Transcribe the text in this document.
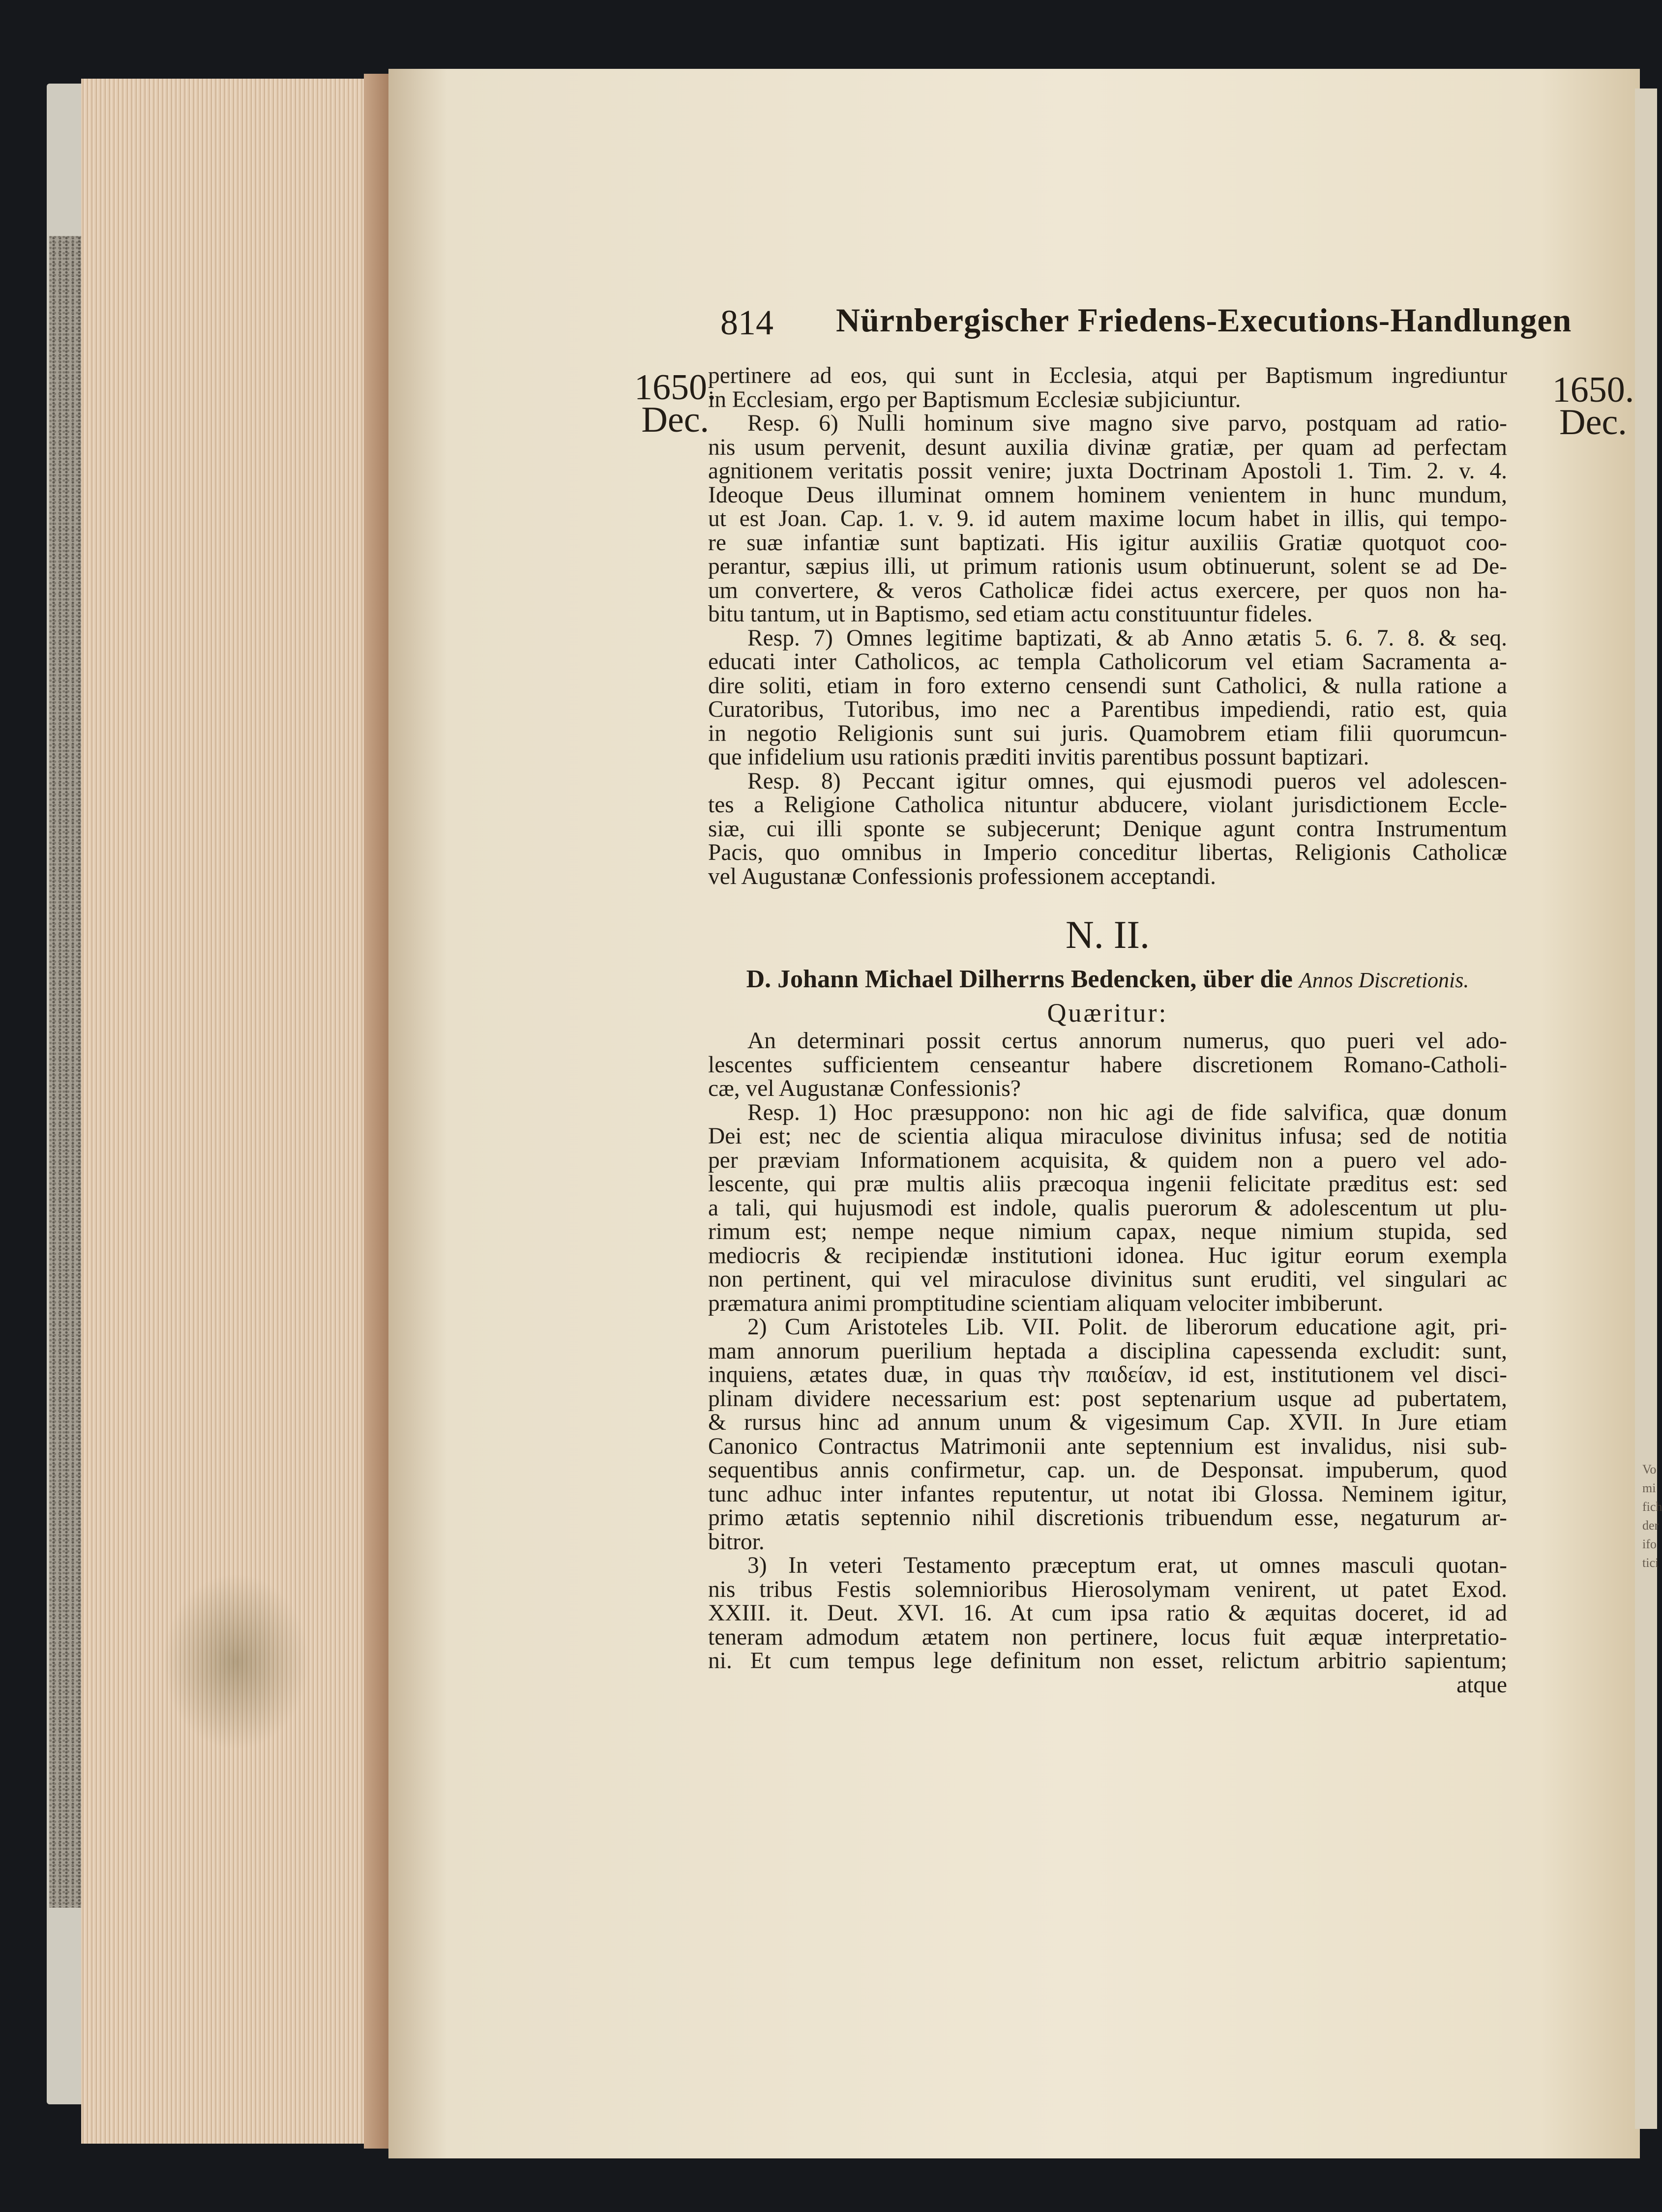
Vo
mi
fich
der
ifo
tici
814 Nürnbergischer Friedens-Executions-Handlungen
1650.
Dec.
1650.
Dec.
pertinere ad eos, qui sunt in Ecclesia, atqui per Baptismum ingrediuntur
in Ecclesiam, ergo per Baptismum Ecclesiæ subjiciuntur.
Resp. 6) Nulli hominum sive magno sive parvo, postquam ad ratio-
nis usum pervenit, desunt auxilia divinæ gratiæ, per quam ad perfectam
agnitionem veritatis possit venire; juxta Doctrinam Apostoli 1. Tim. 2. v. 4.
Ideoque Deus illuminat omnem hominem venientem in hunc mundum,
ut est Joan. Cap. 1. v. 9. id autem maxime locum habet in illis, qui tempo-
re suæ infantiæ sunt baptizati. His igitur auxiliis Gratiæ quotquot coo-
perantur, sæpius illi, ut primum rationis usum obtinuerunt, solent se ad De-
um convertere, & veros Catholicæ fidei actus exercere, per quos non ha-
bitu tantum, ut in Baptismo, sed etiam actu constituuntur fideles.
Resp. 7) Omnes legitime baptizati, & ab Anno ætatis 5. 6. 7. 8. & seq.
educati inter Catholicos, ac templa Catholicorum vel etiam Sacramenta a-
dire soliti, etiam in foro externo censendi sunt Catholici, & nulla ratione a
Curatoribus, Tutoribus, imo nec a Parentibus impediendi, ratio est, quia
in negotio Religionis sunt sui juris. Quamobrem etiam filii quorumcun-
que infidelium usu rationis præditi invitis parentibus possunt baptizari.
Resp. 8) Peccant igitur omnes, qui ejusmodi pueros vel adolescen-
tes a Religione Catholica nituntur abducere, violant jurisdictionem Eccle-
siæ, cui illi sponte se subjecerunt; Denique agunt contra Instrumentum
Pacis, quo omnibus in Imperio conceditur libertas, Religionis Catholicæ
vel Augustanæ Confessionis professionem acceptandi.
N. II.
D. Johann Michael Dilherrns Bedencken, über die Annos Discretionis.
Quæritur:
An determinari possit certus annorum numerus, quo pueri vel ado-
lescentes sufficientem censeantur habere discretionem Romano-Catholi-
cæ, vel Augustanæ Confessionis?
Resp. 1) Hoc præsuppono: non hic agi de fide salvifica, quæ donum
Dei est; nec de scientia aliqua miraculose divinitus infusa; sed de notitia
per præviam Informationem acquisita, & quidem non a puero vel ado-
lescente, qui præ multis aliis præcoqua ingenii felicitate præditus est: sed
a tali, qui hujusmodi est indole, qualis puerorum & adolescentum ut plu-
rimum est; nempe neque nimium capax, neque nimium stupida, sed
mediocris & recipiendæ institutioni idonea. Huc igitur eorum exempla
non pertinent, qui vel miraculose divinitus sunt eruditi, vel singulari ac
præmatura animi promptitudine scientiam aliquam velociter imbiberunt.
2) Cum Aristoteles Lib. VII. Polit. de liberorum educatione agit, pri-
mam annorum puerilium heptada a disciplina capessenda excludit: sunt,
inquiens, ætates duæ, in quas τὴν παιδείαν, id est, institutionem vel disci-
plinam dividere necessarium est: post septenarium usque ad pubertatem,
& rursus hinc ad annum unum & vigesimum Cap. XVII. In Jure etiam
Canonico Contractus Matrimonii ante septennium est invalidus, nisi sub-
sequentibus annis confirmetur, cap. un. de Desponsat. impuberum, quod
tunc adhuc inter infantes reputentur, ut notat ibi Glossa. Neminem igitur,
primo ætatis septennio nihil discretionis tribuendum esse, negaturum ar-
bitror.
3) In veteri Testamento præceptum erat, ut omnes masculi quotan-
nis tribus Festis solemnioribus Hierosolymam venirent, ut patet Exod.
XXIII. it. Deut. XVI. 16. At cum ipsa ratio & æquitas doceret, id ad
teneram admodum ætatem non pertinere, locus fuit æquæ interpretatio-
ni. Et cum tempus lege definitum non esset, relictum arbitrio sapientum;
atque
